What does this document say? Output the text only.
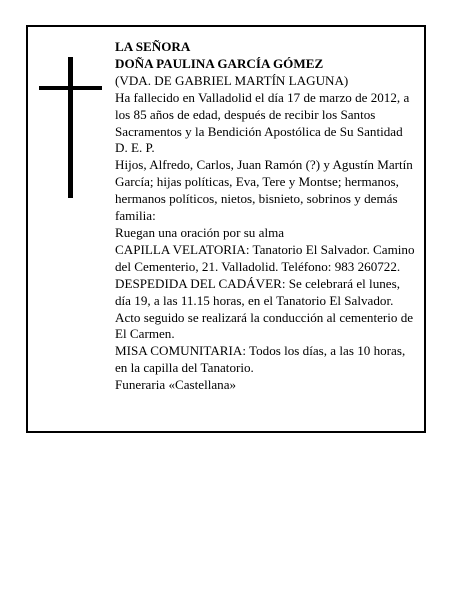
LA SEÑORA

DOÑA PAULINA GARCÍA GÓMEZ

(VDA. DE GABRIEL MARTÍN LAGUNA)

Ha fallecido en Valladolid el día 17 de marzo de 2012, a los 85 años de edad, después de recibir los Santos Sacramentos y la Bendición Apostólica de Su Santidad

D. E. P.

Hijos, Alfredo, Carlos, Juan Ramón (?) y Agustín Martín García; hijas políticas, Eva, Tere y Montse; hermanos, hermanos políticos, nietos, bisnieto, sobrinos y demás familia:

Ruegan una oración por su alma

CAPILLA VELATORIA: Tanatorio El Salvador. Camino del Cementerio, 21. Valladolid. Teléfono: 983 260722.

DESPEDIDA DEL CADÁVER: Se celebrará el lunes, día 19, a las 11.15 horas, en el Tanatorio El Salvador. Acto seguido se realizará la conducción al cementerio de El Carmen.

MISA COMUNITARIA: Todos los días, a las 10 horas, en la capilla del Tanatorio.

Funeraria «Castellana»
